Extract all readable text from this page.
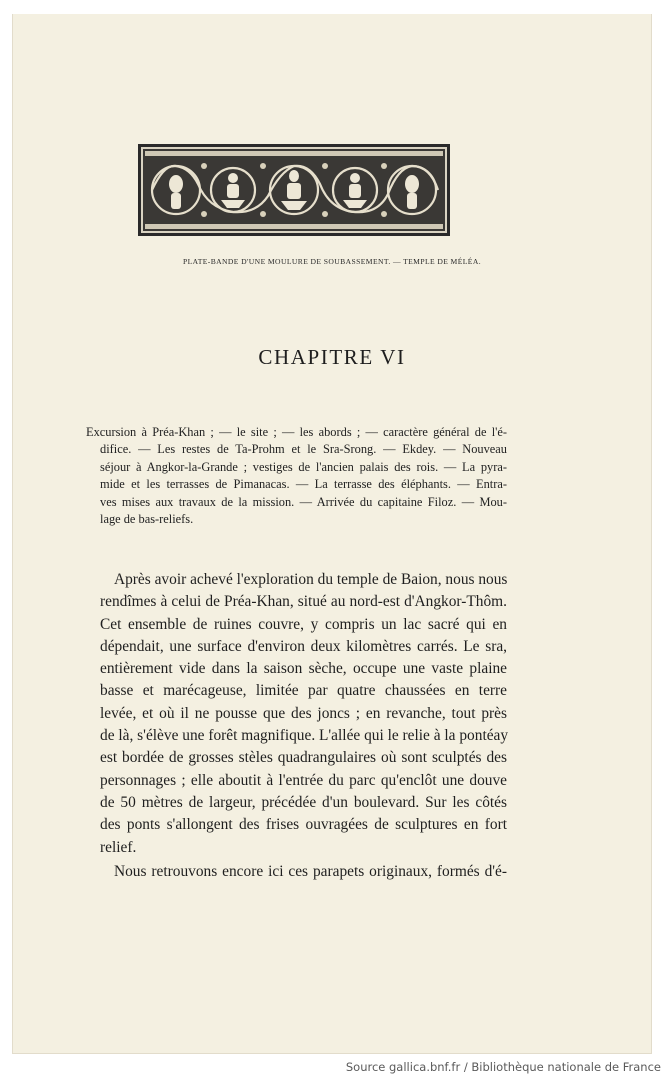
PLATE-BANDE D'UNE MOULURE DE SOUBASSEMENT. — TEMPLE DE MÉLÉA.
CHAPITRE VI
Excursion à Préa-Khan ; — le site ; — les abords ; — caractère général de l'é-
difice. — Les restes de Ta-Prohm et le Sra-Srong. — Ekdey. — Nouveau
séjour à Angkor-la-Grande ; vestiges de l'ancien palais des rois. — La pyra-
mide et les terrasses de Pimanacas. — La terrasse des éléphants. — Entra-
ves mises aux travaux de la mission. — Arrivée du capitaine Filoz. — Mou-
lage de bas-reliefs.
Après avoir achevé l'exploration du temple de Baion, nous nous
rendîmes à celui de Préa-Khan, situé au nord-est d'Angkor-Thôm.
Cet ensemble de ruines couvre, y compris un lac sacré qui en
dépendait, une surface d'environ deux kilomètres carrés. Le sra,
entièrement vide dans la saison sèche, occupe une vaste plaine
basse et marécageuse, limitée par quatre chaussées en terre
levée, et où il ne pousse que des joncs ; en revanche, tout près
de là, s'élève une forêt magnifique. L'allée qui le relie à la pontéay
est bordée de grosses stèles quadrangulaires où sont sculptés des
personnages ; elle aboutit à l'entrée du parc qu'enclôt une douve
de 50 mètres de largeur, précédée d'un boulevard. Sur les côtés
des ponts s'allongent des frises ouvragées de sculptures en fort
relief.
Nous retrouvons encore ici ces parapets originaux, formés d'é-
Source gallica.bnf.fr / Bibliothèque nationale de France
